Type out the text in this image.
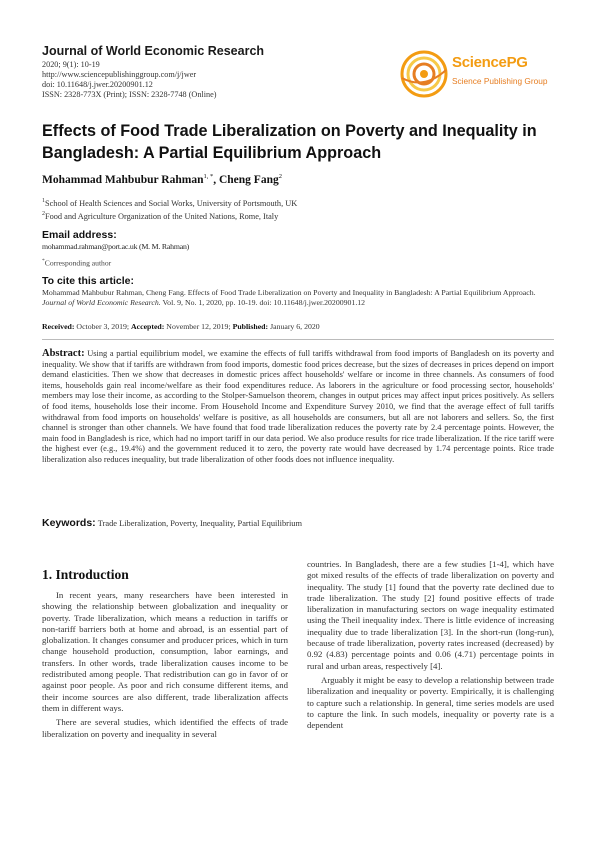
Journal of World Economic Research
2020; 9(1): 10-19
http://www.sciencepublishinggroup.com/j/jwer
doi: 10.11648/j.jwer.20200901.12
ISSN: 2328-773X (Print); ISSN: 2328-7748 (Online)
SciencePG
Science Publishing Group
Effects of Food Trade Liberalization on Poverty and Inequality in Bangladesh: A Partial Equilibrium Approach
Mohammad Mahbubur Rahman$^{1, *}$, Cheng Fang$^2$
$^1$School of Health Sciences and Social Works, University of Portsmouth, UK
$^2$Food and Agriculture Organization of the United Nations, Rome, Italy
Email address:
mohammad.rahman@port.ac.uk (M. M. Rahman)
*Corresponding author
To cite this article:
Mohammad Mahbubur Rahman, Cheng Fang. Effects of Food Trade Liberalization on Poverty and Inequality in Bangladesh: A Partial Equilibrium Approach. Journal of World Economic Research. Vol. 9, No. 1, 2020, pp. 10-19. doi: 10.11648/j.jwer.20200901.12
Received: October 3, 2019; Accepted: November 12, 2019; Published: January 6, 2020
Abstract: Using a partial equilibrium model, we examine the effects of full tariffs withdrawal from food imports of Bangladesh on its poverty and inequality. We show that if tariffs are withdrawn from food imports, domestic food prices decrease, but the sizes of decreases in prices depend on import demand elasticities. Then we show that decreases in domestic prices affect households' welfare or income in three channels. As consumers of food items, households gain real income/welfare as their food expenditures reduce. As laborers in the agriculture or food processing sector, households' members may lose their income, as according to the Stolper-Samuelson theorem, changes in output prices may affect input prices positively. As sellers of food items, households lose their income. From Household Income and Expenditure Survey 2010, we find that the average effect of full tariffs withdrawal from food imports on households' welfare is positive, as all households are consumers, but all are not laborers and sellers. So, the first channel is stronger than other channels. We have found that food trade liberalization reduces the poverty rate by 2.4 percentage points. However, the main food in Bangladesh is rice, which had no import tariff in our data period. We also produce results for rice trade liberalization. If the rice tariff were the highest ever (e.g., 19.4%) and the government reduced it to zero, the poverty rate would have decreased by 1.74 percentage points. Rice trade liberalization also reduces inequality, but trade liberalization of other foods does not influence inequality.
Keywords: Trade Liberalization, Poverty, Inequality, Partial Equilibrium
1. Introduction

In recent years, many researchers have been interested in showing the relationship between globalization and inequality or poverty. Trade liberalization, which means a reduction in tariffs or non-tariff barriers both at home and abroad, is an essential part of globalization. It changes consumer and producer prices, which in turn change household production, consumption, labor earnings, and transfers. In other words, trade liberalization causes income to be redistributed among people. That redistribution can go in favor of or against poor people. As poor and rich consume different items, and their income sources are also different, trade liberalization affects them in different ways.

There are several studies, which identified the effects of trade liberalization on poverty and inequality in several

countries. In Bangladesh, there are a few studies [1-4], which have got mixed results of the effects of trade liberalization on poverty and inequality. The study [1] found that the poverty rate declined due to trade liberalization. The study [2] found positive effects of trade liberalization in manufacturing sectors on wage inequality estimated using the Theil inequality index. There is little evidence of increasing inequality due to trade liberalization [3]. In the short-run (long-run), because of trade liberalization, poverty rates increased (decreased) by 0.92 (4.83) percentage points and 0.06 (4.71) percentage points in rural and urban areas, respectively [4].

Arguably it might be easy to develop a relationship between trade liberalization and inequality or poverty. Empirically, it is challenging to capture such a relationship. In general, time series models are used to capture the link. In such models, inequality or poverty rate is a dependent
